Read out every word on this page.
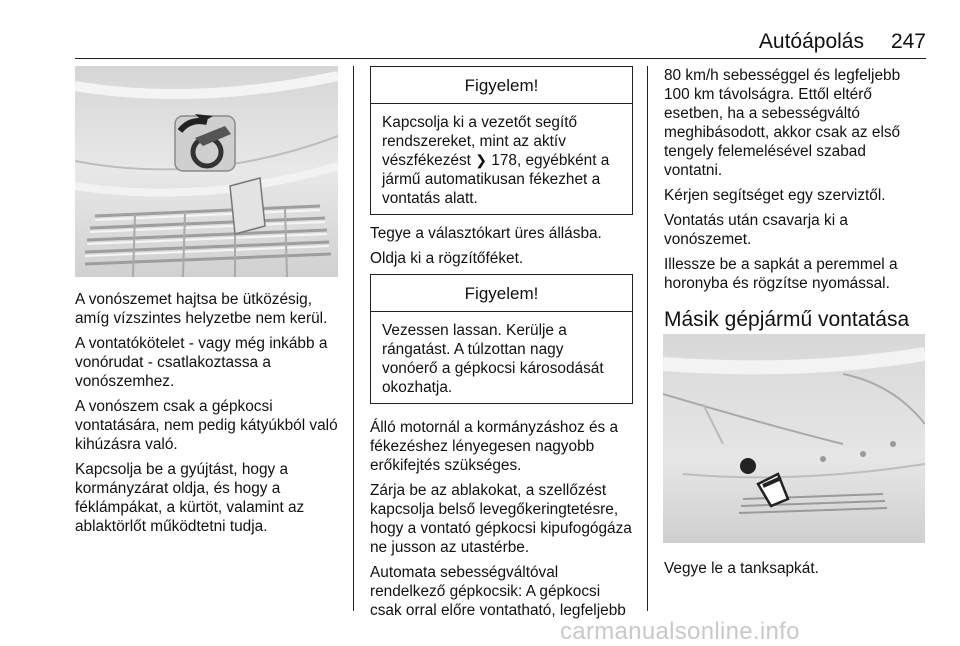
Autóápolás 247

A vonószemet hajtsa be ütközésig, amíg vízszintes helyzetbe nem kerül.

A vontatókötelet - vagy még inkább a vonórudat - csatlakoztassa a vonószemhez.

A vonószem csak a gépkocsi vontatására, nem pedig kátyúkból való kihúzásra való.

Kapcsolja be a gyújtást, hogy a kormányzárat oldja, és hogy a féklámpákat, a kürtöt, valamint az ablaktörlőt működtetni tudja.

Figyelem!

Kapcsolja ki a vezetőt segítő rendszereket, mint az aktív vészfékezést ❯ 178, egyébként a jármű automatikusan fékezhet a vontatás alatt.

Tegye a választókart üres állásba.

Oldja ki a rögzítőféket.

Figyelem!

Vezessen lassan. Kerülje a rángatást. A túlzottan nagy vonóerő a gépkocsi károsodását okozhatja.

Álló motornál a kormányzáshoz és a fékezéshez lényegesen nagyobb erőkifejtés szükséges.

Zárja be az ablakokat, a szellőzést kapcsolja belső levegőkeringtetésre, hogy a vontató gépkocsi kipufogógáza ne jusson az utastérbe.

Automata sebességváltóval rendelkező gépkocsik: A gépkocsi csak orral előre vontatható, legfeljebb

80 km/h sebességgel és legfeljebb 100 km távolságra. Ettől eltérő esetben, ha a sebességváltó meghibásodott, akkor csak az első tengely felemelésével szabad vontatni.

Kérjen segítséget egy szerviztől.

Vontatás után csavarja ki a vonószemet.

Illessze be a sapkát a peremmel a horonyba és rögzítse nyomással.

Másik gépjármű vontatása

Vegye le a tanksapkát.

carmanualsonline.info
